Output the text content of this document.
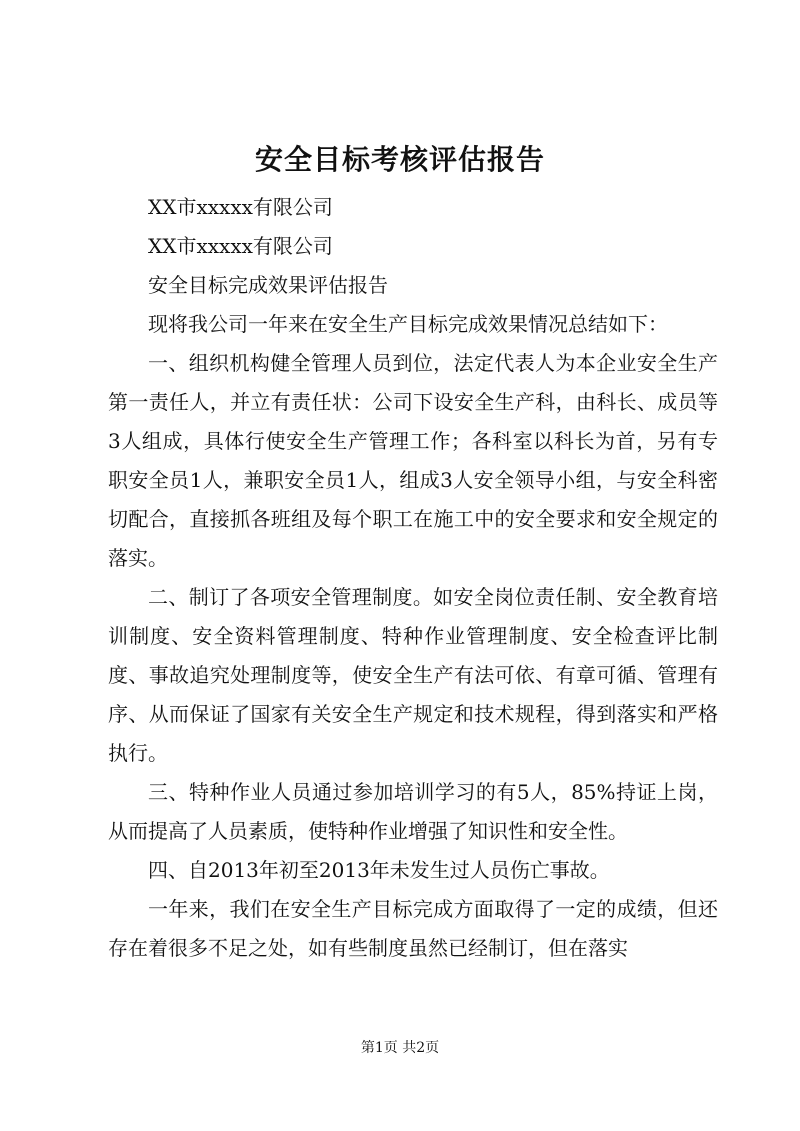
安全目标考核评估报告

XX市xxxxx有限公司

XX市xxxxx有限公司

安全目标完成效果评估报告

现将我公司一年来在安全生产目标完成效果情况总结如下：

一、组织机构健全管理人员到位，法定代表人为本企业安全生产第一责任人，并立有责任状：公司下设安全生产科，由科长、成员等3人组成，具体行使安全生产管理工作；各科室以科长为首，另有专职安全员1人，兼职安全员1人，组成3人安全领导小组，与安全科密切配合，直接抓各班组及每个职工在施工中的安全要求和安全规定的落实。

二、制订了各项安全管理制度。如安全岗位责任制、安全教育培训制度、安全资料管理制度、特种作业管理制度、安全检查评比制度、事故追究处理制度等，使安全生产有法可依、有章可循、管理有序、从而保证了国家有关安全生产规定和技术规程，得到落实和严格执行。

三、特种作业人员通过参加培训学习的有5人，85%持证上岗，从而提高了人员素质，使特种作业增强了知识性和安全性。

四、自2013年初至2013年未发生过人员伤亡事故。

一年来，我们在安全生产目标完成方面取得了一定的成绩，但还存在着很多不足之处，如有些制度虽然已经制订，但在落实

第1页 共2页
